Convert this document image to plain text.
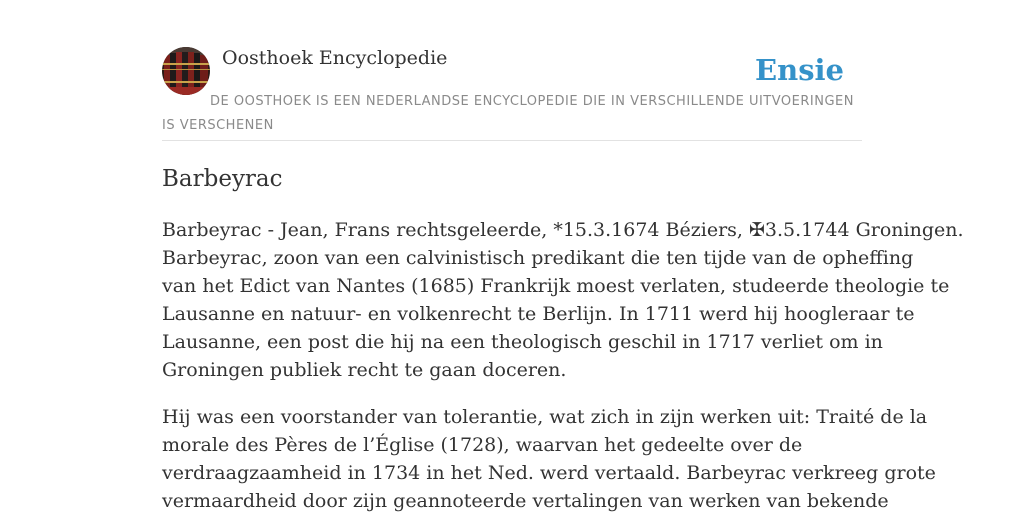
Oosthoek Encyclopedie	Ensie
DE OOSTHOEK IS EEN NEDERLANDSE ENCYCLOPEDIE DIE IN VERSCHILLENDE UITVOERINGEN IS VERSCHENEN
Barbeyrac

Barbeyrac - Jean, Frans rechtsgeleerde, *15.3.1674 Béziers, ✠3.5.1744 Groningen.
Barbeyrac, zoon van een calvinistisch predikant die ten tijde van de opheffing
van het Edict van Nantes (1685) Frankrijk moest verlaten, studeerde theologie te
Lausanne en natuur- en volkenrecht te Berlijn. In 1711 werd hij hoogleraar te
Lausanne, een post die hij na een theologisch geschil in 1717 verliet om in
Groningen publiek recht te gaan doceren.

Hij was een voorstander van tolerantie, wat zich in zijn werken uit: Traité de la
morale des Pères de l’Église (1728), waarvan het gedeelte over de
verdraagzaamheid in 1734 in het Ned. werd vertaald. Barbeyrac verkreeg grote
vermaardheid door zijn geannoteerde vertalingen van werken van bekende
